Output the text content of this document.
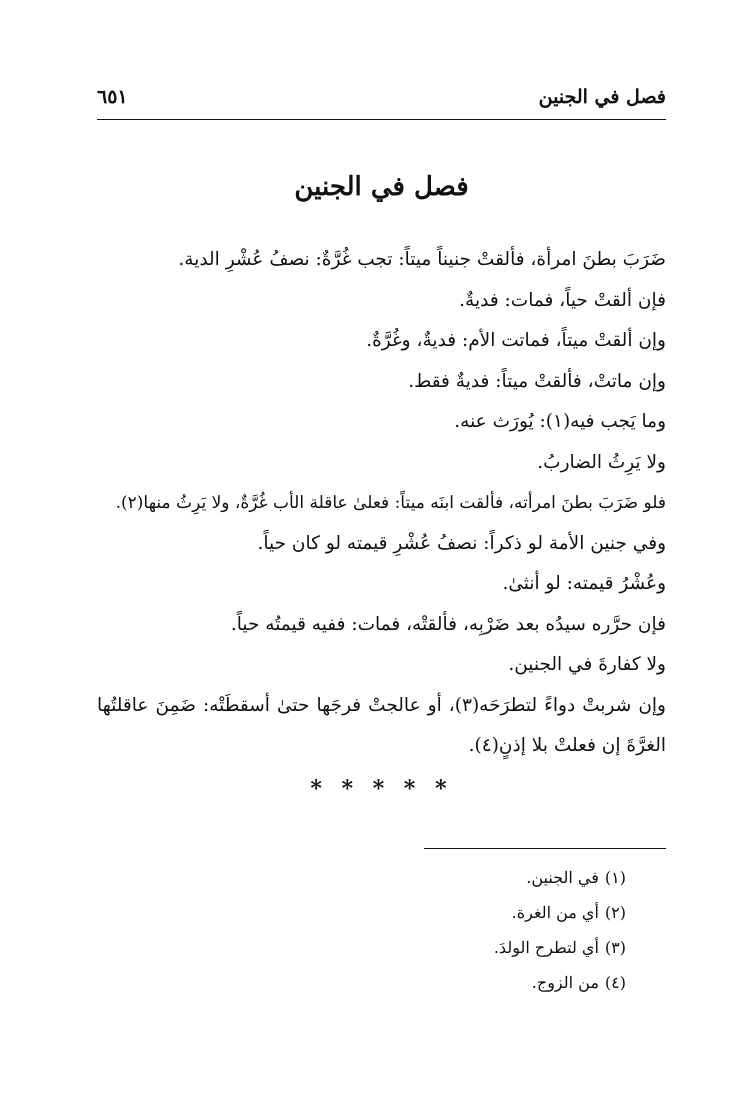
فصل في الجنين
٦٥١
فصل في الجنين

ضَرَبَ بطنَ امرأة، فألقتْ جنيناً ميتاً: تجب غُرَّةٌ: نصفُ عُشْرِ الدية.

فإن ألقتْ حياً، فمات: فديةٌ.

وإن ألقتْ ميتاً، فماتت الأم: فديةٌ، وغُرَّةٌ.

وإن ماتتْ، فألقتْ ميتاً: فديةٌ فقط.

وما يَجب فيه(١): يُورَث عنه.

ولا يَرِثُ الضاربُ.

فلو ضَرَبَ بطنَ امرأته، فألقت ابنَه ميتاً: فعلىٰ عاقلة الأب غُرَّةٌ، ولا يَرِثُ منها(٢).

وفي جنين الأمة لو ذكراً: نصفُ عُشْرِ قيمته لو كان حياً.

وعُشْرُ قيمته: لو أنثىٰ.

فإن حرَّره سيدُه بعد ضَرْبِه، فألقتْه، فمات: ففيه قيمتُه حياً.

ولا كفارةَ في الجنين.

وإن شربتْ دواءً لتطرَحَه(٣)، أو عالجتْ فرجَها حتىٰ أسقطَتْه: ضَمِنَ عاقلتُها الغرَّةَ إن فعلتْ بلا إذنٍ(٤).

* * * * *
(١)في الجنين.
(٢)أي من الغرة.
(٣)أي لتطرح الولدَ.
(٤)من الزوج.
